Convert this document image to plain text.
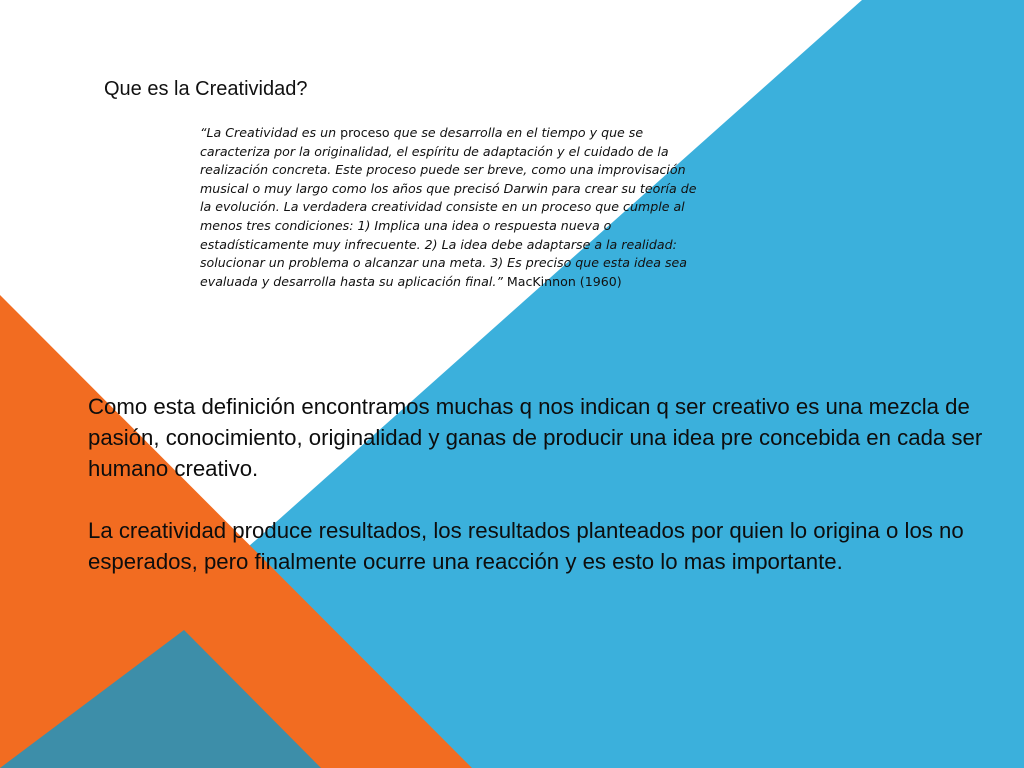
Que es la Creatividad?

“La Creatividad es un proceso que se desarrolla en el tiempo y que se caracteriza por la originalidad, el espíritu de adaptación y el cuidado de la realización concreta. Este proceso puede ser breve, como una improvisación musical o muy largo como los años que precisó Darwin para crear su teoría de la evolución. La verdadera creatividad consiste en un proceso que cumple al menos tres condiciones: 1) Implica una idea o respuesta nueva o estadísticamente muy infrecuente. 2) La idea debe adaptarse a la realidad: solucionar un problema o alcanzar una meta. 3) Es preciso que esta idea sea evaluada y desarrolla hasta su aplicación final.” MacKinnon (1960)

Como esta definición encontramos muchas q nos indican q ser creativo es una mezcla de pasión, conocimiento, originalidad y ganas de producir una idea pre concebida en cada ser humano creativo.

La creatividad produce resultados, los resultados planteados por quien lo origina o los no esperados, pero finalmente ocurre una reacción y es esto lo mas importante.
